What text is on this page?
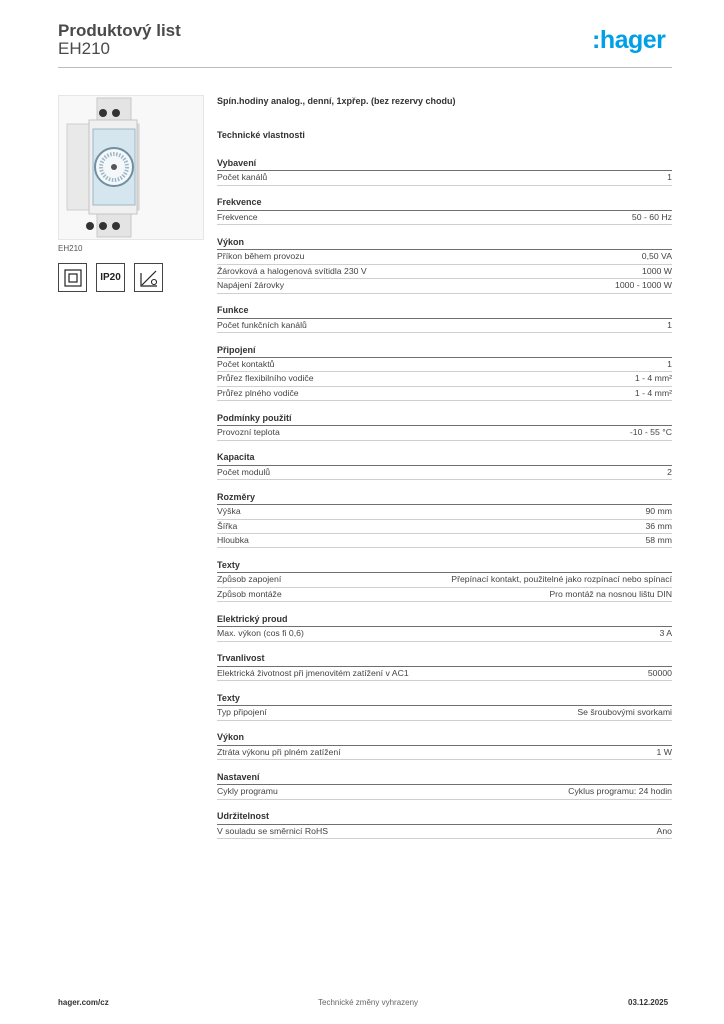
Produktový list
EH210	:hager
EH210
IP20
Spín.hodiny analog., denní, 1xpřep. (bez rezervy chodu)
Technické vlastnosti
Vybavení
Počet kanálů	1
Frekvence
Frekvence	50 - 60 Hz
Výkon
Příkon během provozu	0,50 VA
Žárovková a halogenová svítidla 230 V	1000 W
Napájení žárovky	1000 - 1000 W
Funkce
Počet funkčních kanálů	1
Připojení
Počet kontaktů	1
Průřez flexibilního vodiče	1 - 4 mm²
Průřez plného vodiče	1 - 4 mm²
Podmínky použití
Provozní teplota	-10 - 55 °C
Kapacita
Počet modulů	2
Rozměry
Výška	90 mm
Šířka	36 mm
Hloubka	58 mm
Texty
Způsob zapojení	Přepínací kontakt, použitelné jako rozpínací nebo spínací
Způsob montáže	Pro montáž na nosnou lištu DIN
Elektrický proud
Max. výkon (cos fi 0,6)	3 A
Trvanlivost
Elektrická životnost při jmenovitém zatížení v AC1	50000
Texty
Typ připojení	Se šroubovými svorkami
Výkon
Ztráta výkonu při plném zatížení	1 W
Nastavení
Cykly programu	Cyklus programu: 24 hodin
Udržitelnost
V souladu se směrnicí RoHS	Ano
hager.com/cz	Technické změny vyhrazeny	03.12.2025
